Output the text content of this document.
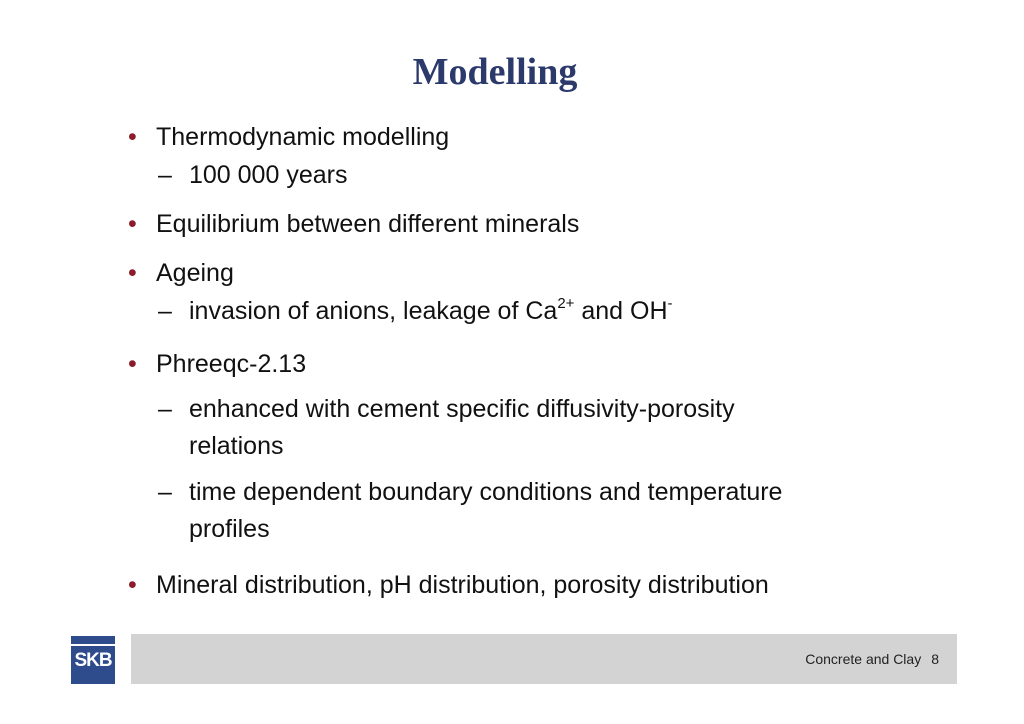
Modelling
• Thermodynamic modelling
– 100 000 years
• Equilibrium between different minerals
• Ageing
– invasion of anions, leakage of $Ca^{2+}$ and OH-
• Phreeqc-2.13
– enhanced with cement specific diffusivity-porosity
relations
– time dependent boundary conditions and temperature
profiles
• Mineral distribution, pH distribution, porosity distribution
SKB	Concrete and Clay 8
